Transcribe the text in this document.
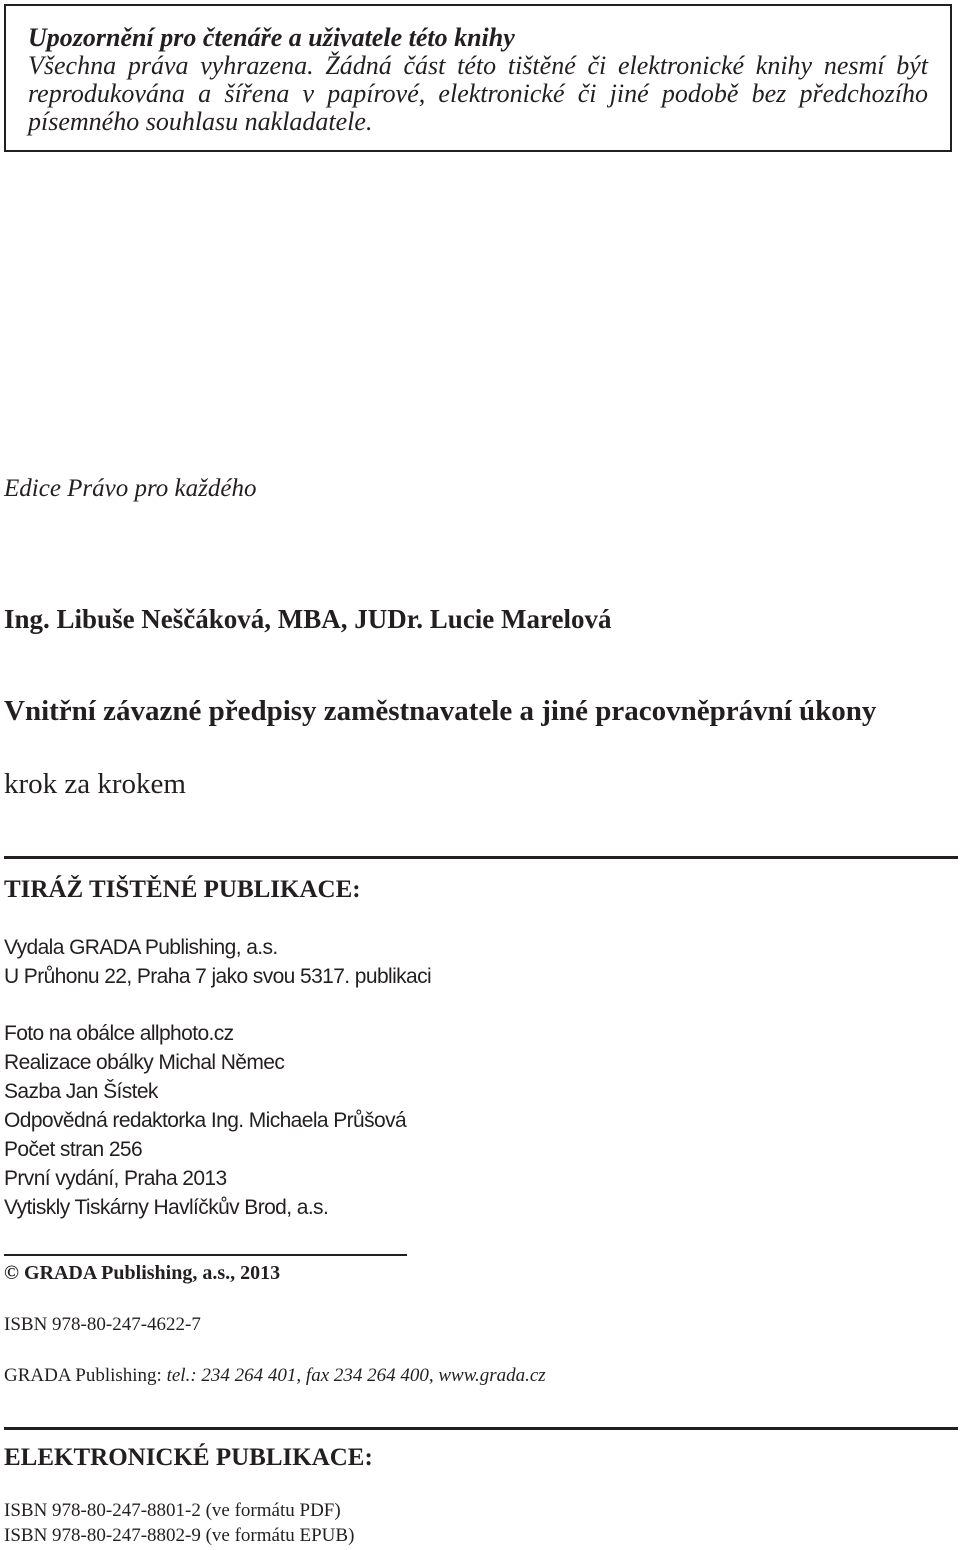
Upozornění pro čtenáře a uživatele této knihy
Všechna práva vyhrazena. Žádná část této tištěné či elektronické knihy nesmí být reprodukována a šířena v papírové, elektronické či jiné podobě bez předchozího písemného souhlasu nakladatele.
Edice Právo pro každého
Ing. Libuše Neščáková, MBA, JUDr. Lucie Marelová
Vnitřní závazné předpisy zaměstnavatele a jiné pracovněprávní úkony
krok za krokem
TIRÁŽ TIŠTĚNÉ PUBLIKACE:
Vydala GRADA Publishing, a.s.
U Průhonu 22, Praha 7 jako svou 5317. publikaci
Foto na obálce allphoto.cz
Realizace obálky Michal Němec
Sazba Jan Šístek
Odpovědná redaktorka Ing. Michaela Průšová
Počet stran 256
První vydání, Praha 2013
Vytiskly Tiskárny Havlíčkův Brod, a.s.
© GRADA Publishing, a.s., 2013
ISBN 978-80-247-4622-7
GRADA Publishing: tel.: 234 264 401, fax 234 264 400, www.grada.cz
ELEKTRONICKÉ PUBLIKACE:
ISBN 978-80-247-8801-2 (ve formátu PDF)
ISBN 978-80-247-8802-9 (ve formátu EPUB)
